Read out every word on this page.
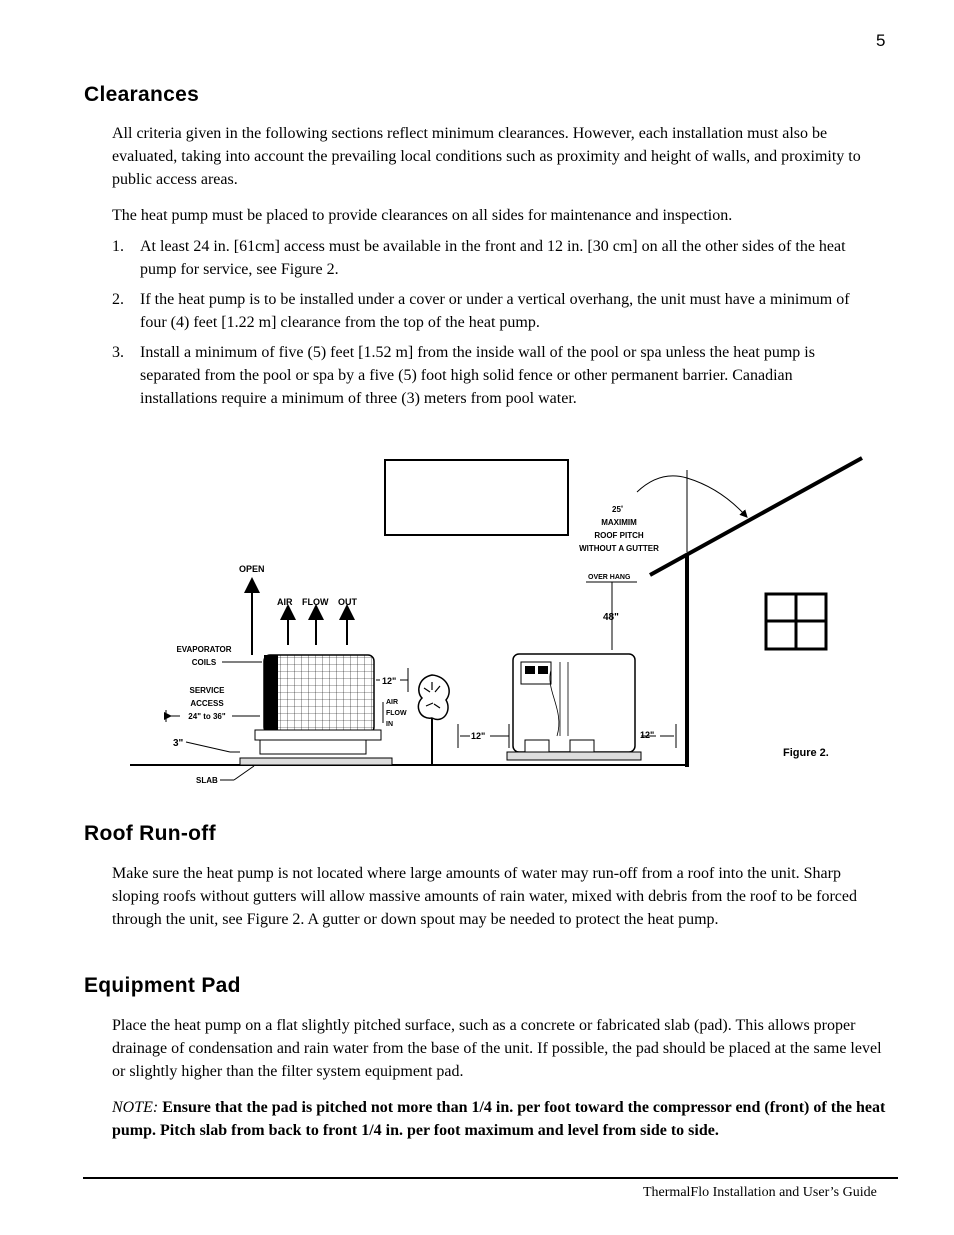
5
Clearances

All criteria given in the following sections reflect minimum clearances. However, each installation must also be evaluated, taking into account the prevailing local conditions such as proximity and height of walls, and proximity to public access areas.

The heat pump must be placed to provide clearances on all sides for maintenance and inspection.

1. At least 24 in. [61cm] access must be available in the front and 12 in. [30 cm] on all the other sides of the heat pump for service, see Figure 2.
2. If the heat pump is to be installed under a cover or under a vertical overhang, the unit must have a minimum of four (4) feet [1.22 m] clearance from the top of the heat pump.
3. Install a minimum of five (5) feet [1.52 m] from the inside wall of the pool or spa unless the heat pump is separated from the pool or spa by a five (5) foot high solid fence or other permanent barrier. Canadian installations require a minimum of three (3) meters from pool water.
25˚
MAXIMIM
ROOF PITCH
WITHOUT A GUTTER
OVER HANG
48"
OPEN
AIR FLOW OUT
EVAPORATOR
COILS
SERVICE
ACCESS
24" to 36"
3"
SLAB
12"
AIR
FLOW
IN
12"	12"
Figure 2.
Roof Run-off

Make sure the heat pump is not located where large amounts of water may run-off from a roof into the unit. Sharp sloping roofs without gutters will allow massive amounts of rain water, mixed with debris from the roof to be forced through the unit, see Figure 2. A gutter or down spout may be needed to protect the heat pump.

Equipment Pad

Place the heat pump on a flat slightly pitched surface, such as a concrete or fabricated slab (pad). This allows proper drainage of condensation and rain water from the base of the unit. If possible, the pad should be placed at the same level or slightly higher than the filter system equipment pad.

NOTE: Ensure that the pad is pitched not more than 1/4 in. per foot toward the compressor end (front) of the heat pump. Pitch slab from back to front 1/4 in. per foot maximum and level from side to side.

ThermalFlo Installation and User’s Guide
